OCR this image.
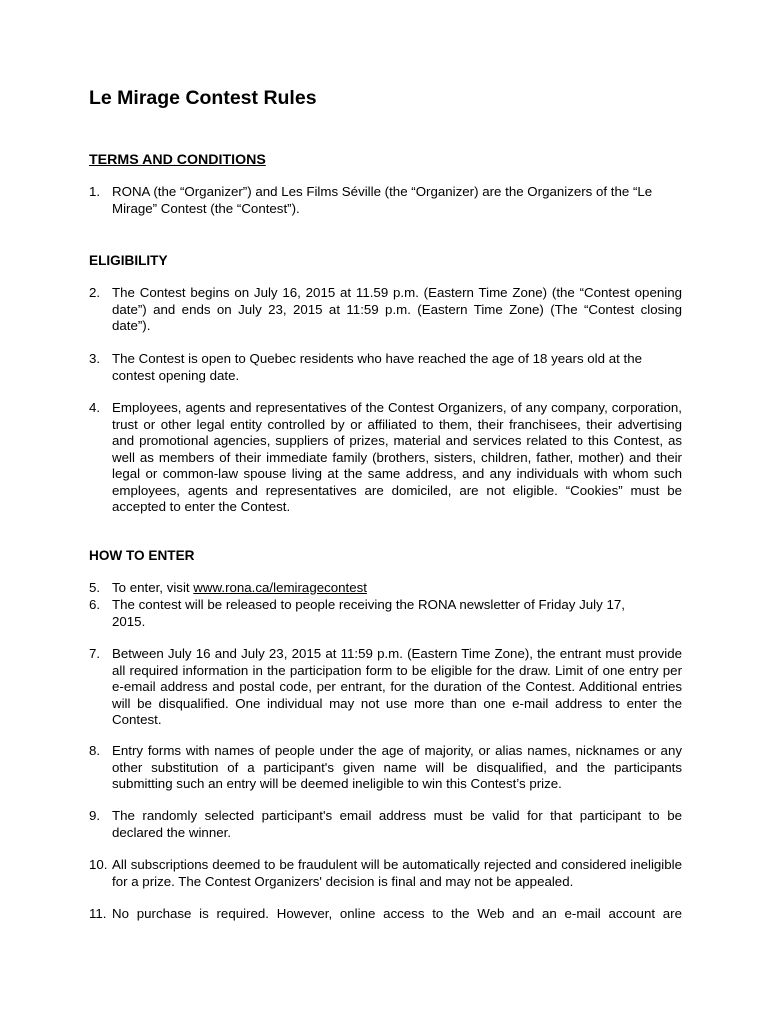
Le Mirage Contest Rules
TERMS AND CONDITIONS
1. RONA (the “Organizer”) and Les Films Séville (the “Organizer) are the Organizers of the “Le Mirage” Contest (the “Contest”).

ELIGIBILITY
2. The Contest begins on July 16, 2015 at 11.59 p.m. (Eastern Time Zone) (the “Contest opening date”) and ends on July 23, 2015 at 11:59 p.m. (Eastern Time Zone) (The “Contest closing date”).

3. The Contest is open to Quebec residents who have reached the age of 18 years old at the contest opening date.

4. Employees, agents and representatives of the Contest Organizers, of any company, corporation, trust or other legal entity controlled by or affiliated to them, their franchisees, their advertising and promotional agencies, suppliers of prizes, material and services related to this Contest, as well as members of their immediate family (brothers, sisters, children, father, mother) and their legal or common-law spouse living at the same address, and any individuals with whom such employees, agents and representatives are domiciled, are not eligible. “Cookies” must be accepted to enter the Contest.

HOW TO ENTER
5. To enter, visit www.rona.ca/lemiragecontest

6. The contest will be released to people receiving the RONA newsletter of Friday July 17, 2015.

7. Between July 16 and July 23, 2015 at 11:59 p.m. (Eastern Time Zone), the entrant must provide all required information in the participation form to be eligible for the draw. Limit of one entry per e-email address and postal code, per entrant, for the duration of the Contest. Additional entries will be disqualified. One individual may not use more than one e-mail address to enter the Contest.

8. Entry forms with names of people under the age of majority, or alias names, nicknames or any other substitution of a participant's given name will be disqualified, and the participants submitting such an entry will be deemed ineligible to win this Contest’s prize.

9. The randomly selected participant's email address must be valid for that participant to be declared the winner.

10. All subscriptions deemed to be fraudulent will be automatically rejected and considered ineligible for a prize. The Contest Organizers' decision is final and may not be appealed.

11. No purchase is required. However, online access to the Web and an e-mail account are
